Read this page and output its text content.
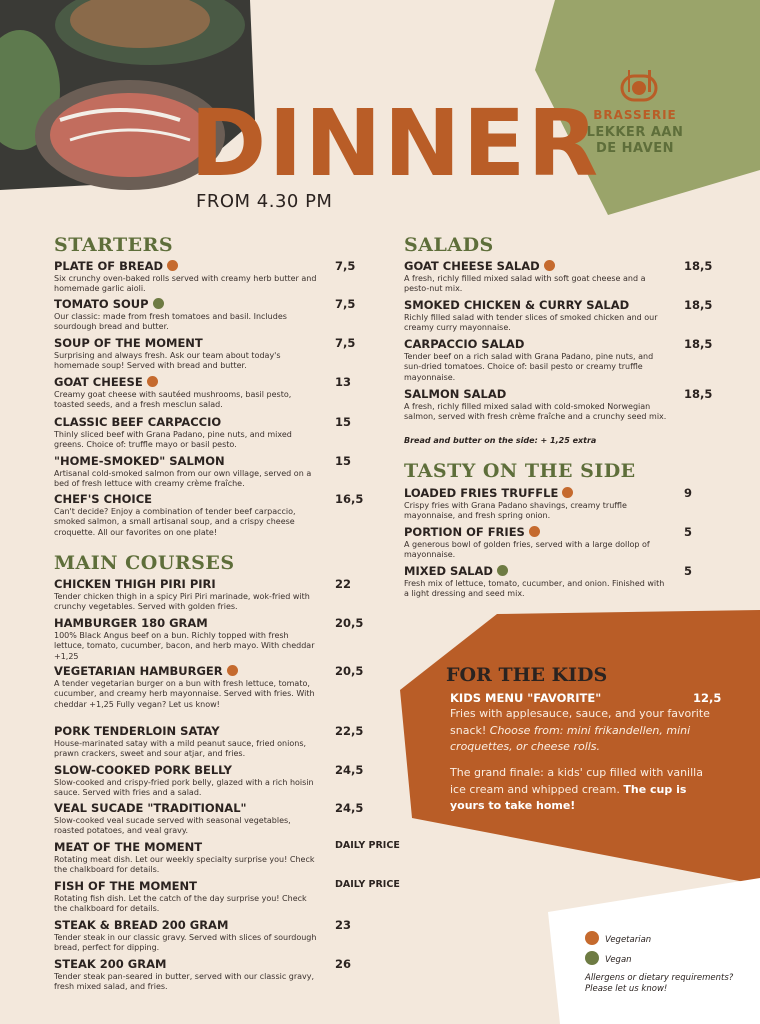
DINNER
FROM 4.30 PM
BRASSERIE
LEKKER AAN
DE HAVEN
STARTERS
MAIN COURSES
SALADS
TASTY ON THE SIDE
PLATE OF BREAD
Six crunchy oven-baked rolls served with creamy herb butter and homemade garlic aioli.
7,5
TOMATO SOUP
Our classic: made from fresh tomatoes and basil. Includes sourdough bread and butter.
7,5
SOUP OF THE MOMENT
Surprising and always fresh. Ask our team about today's homemade soup! Served with bread and butter.
7,5
GOAT CHEESE
Creamy goat cheese with sautéed mushrooms, basil pesto, toasted seeds, and a fresh mesclun salad.
13
CLASSIC BEEF CARPACCIO
Thinly sliced beef with Grana Padano, pine nuts, and mixed greens. Choice of: truffle mayo or basil pesto.
15
"HOME-SMOKED" SALMON
Artisanal cold-smoked salmon from our own village, served on a bed of fresh lettuce with creamy crème fraîche.
15
CHEF'S CHOICE
Can't decide? Enjoy a combination of tender beef carpaccio, smoked salmon, a small artisanal soup, and a crispy cheese croquette. All our favorites on one plate!
16,5
CHICKEN THIGH PIRI PIRI
Tender chicken thigh in a spicy Piri Piri marinade, wok-fried with crunchy vegetables. Served with golden fries.
22
HAMBURGER 180 GRAM
100% Black Angus beef on a bun. Richly topped with fresh lettuce, tomato, cucumber, bacon, and herb mayo. With cheddar +1,25
20,5
VEGETARIAN HAMBURGER
A tender vegetarian burger on a bun with fresh lettuce, tomato, cucumber, and creamy herb mayonnaise. Served with fries. With cheddar +1,25 Fully vegan? Let us know!
20,5
PORK TENDERLOIN SATAY
House-marinated satay with a mild peanut sauce, fried onions, prawn crackers, sweet and sour atjar, and fries.
22,5
SLOW-COOKED PORK BELLY
Slow-cooked and crispy-fried pork belly, glazed with a rich hoisin sauce. Served with fries and a salad.
24,5
VEAL SUCADE "TRADITIONAL"
Slow-cooked veal sucade served with seasonal vegetables, roasted potatoes, and veal gravy.
24,5
MEAT OF THE MOMENT
Rotating meat dish. Let our weekly specialty surprise you! Check the chalkboard for details.
DAILY PRICE
FISH OF THE MOMENT
Rotating fish dish. Let the catch of the day surprise you! Check the chalkboard for details.
DAILY PRICE
STEAK & BREAD 200 GRAM
Tender steak in our classic gravy. Served with slices of sourdough bread, perfect for dipping.
23
STEAK 200 GRAM
Tender steak pan-seared in butter, served with our classic gravy, fresh mixed salad, and fries.
26
GOAT CHEESE SALAD
A fresh, richly filled mixed salad with soft goat cheese and a pesto-nut mix.
18,5
SMOKED CHICKEN & CURRY SALAD
Richly filled salad with tender slices of smoked chicken and our creamy curry mayonnaise.
18,5
CARPACCIO SALAD
Tender beef on a rich salad with Grana Padano, pine nuts, and sun-dried tomatoes. Choice of: basil pesto or creamy truffle mayonnaise.
18,5
SALMON SALAD
A fresh, richly filled mixed salad with cold-smoked Norwegian salmon, served with fresh crème fraîche and a crunchy seed mix.
18,5
LOADED FRIES TRUFFLE
Crispy fries with Grana Padano shavings, creamy truffle mayonnaise, and fresh spring onion.
9
PORTION OF FRIES
A generous bowl of golden fries, served with a large dollop of mayonnaise.
5
MIXED SALAD
Fresh mix of lettuce, tomato, cucumber, and onion. Finished with a light dressing and seed mix.
5
Bread and butter on the side: + 1,25 extra
FOR THE KIDS
KIDS MENU "FAVORITE"	12,5
Fries with applesauce, sauce, and your favorite snack! Choose from: mini frikandellen, mini croquettes, or cheese rolls.
The grand finale: a kids' cup filled with vanilla ice cream and whipped cream. The cup is yours to take home!
Vegetarian
Vegan
Allergens or dietary requirements? Please let us know!
